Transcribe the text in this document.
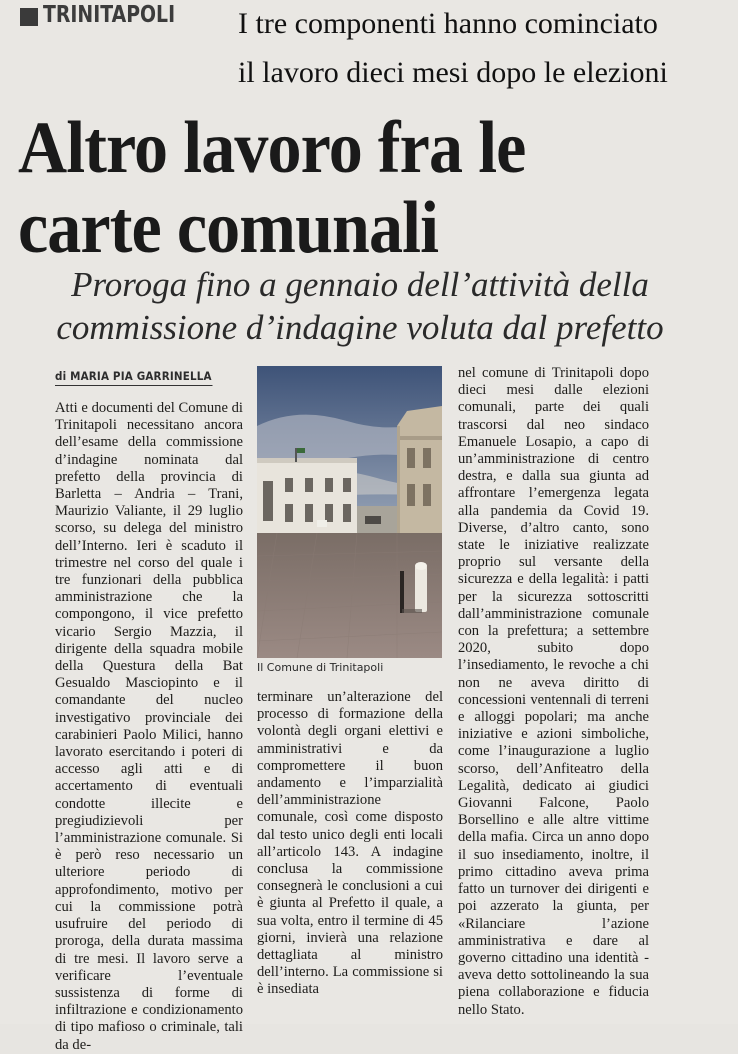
TRINITAPOLI I tre componenti hanno cominciato
il lavoro dieci mesi dopo le elezioni
Altro lavoro fra le
carte comunali
Proroga fino a gennaio dell’attività della
commissione d’indagine voluta dal prefetto
di MARIA PIA GARRINELLA

Atti e documenti del Comune di Trinitapoli necessitano ancora dell’esame della commissione d’indagine nominata dal prefetto della provincia di Barletta – Andria – Trani, Maurizio Valiante, il 29 luglio scorso, su delega del ministro dell’Interno. Ieri è scaduto il trimestre nel corso del quale i tre funzionari della pubblica amministrazione che la compongono, il vice prefetto vicario Sergio Mazzia, il dirigente della squadra mobile della Questura della Bat Gesualdo Masciopinto e il comandante del nucleo investigativo provinciale dei carabinieri Paolo Milici, hanno lavorato esercitando i poteri di accesso agli atti e di accertamento di eventuali condotte illecite e pregiudizievoli per l’amministrazione comunale. Si è però reso necessario un ulteriore periodo di approfondimento, motivo per cui la commissione potrà usufruire del periodo di proroga, della durata massima di tre mesi. Il lavoro serve a verificare l’eventuale sussistenza di forme di infiltrazione e condizionamento di tipo mafioso o criminale, tali da de-

Il Comune di Trinitapoli

terminare un’alterazione del processo di formazione della volontà degli organi elettivi e amministrativi e da compromettere il buon andamento e l’imparzialità dell’amministrazione comunale, così come disposto dal testo unico degli enti locali all’articolo 143. A indagine conclusa la commissione consegnerà le conclusioni a cui è giunta al Prefetto il quale, a sua volta, entro il termine di 45 giorni, invierà una relazione dettagliata al ministro dell’interno. La commissione si è insediata

nel comune di Trinitapoli dopo dieci mesi dalle elezioni comunali, parte dei quali trascorsi dal neo sindaco Emanuele Losapio, a capo di un’amministrazione di centro destra, e dalla sua giunta ad affrontare l’emergenza legata alla pandemia da Covid 19. Diverse, d’altro canto, sono state le iniziative realizzate proprio sul versante della sicurezza e della legalità: i patti per la sicurezza sottoscritti dall’amministrazione comunale con la prefettura; a settembre 2020, subito dopo l’insediamento, le revoche a chi non ne aveva diritto di concessioni ventennali di terreni e alloggi popolari; ma anche iniziative e azioni simboliche, come l’inaugurazione a luglio scorso, dell’Anfiteatro della Legalità, dedicato ai giudici Giovanni Falcone, Paolo Borsellino e alle altre vittime della mafia. Circa un anno dopo il suo insediamento, inoltre, il primo cittadino aveva prima fatto un turnover dei dirigenti e poi azzerato la giunta, per «Rilanciare l’azione amministrativa e dare al governo cittadino una identità -aveva detto sottolineando la sua piena collaborazione e fiducia nello Stato.
